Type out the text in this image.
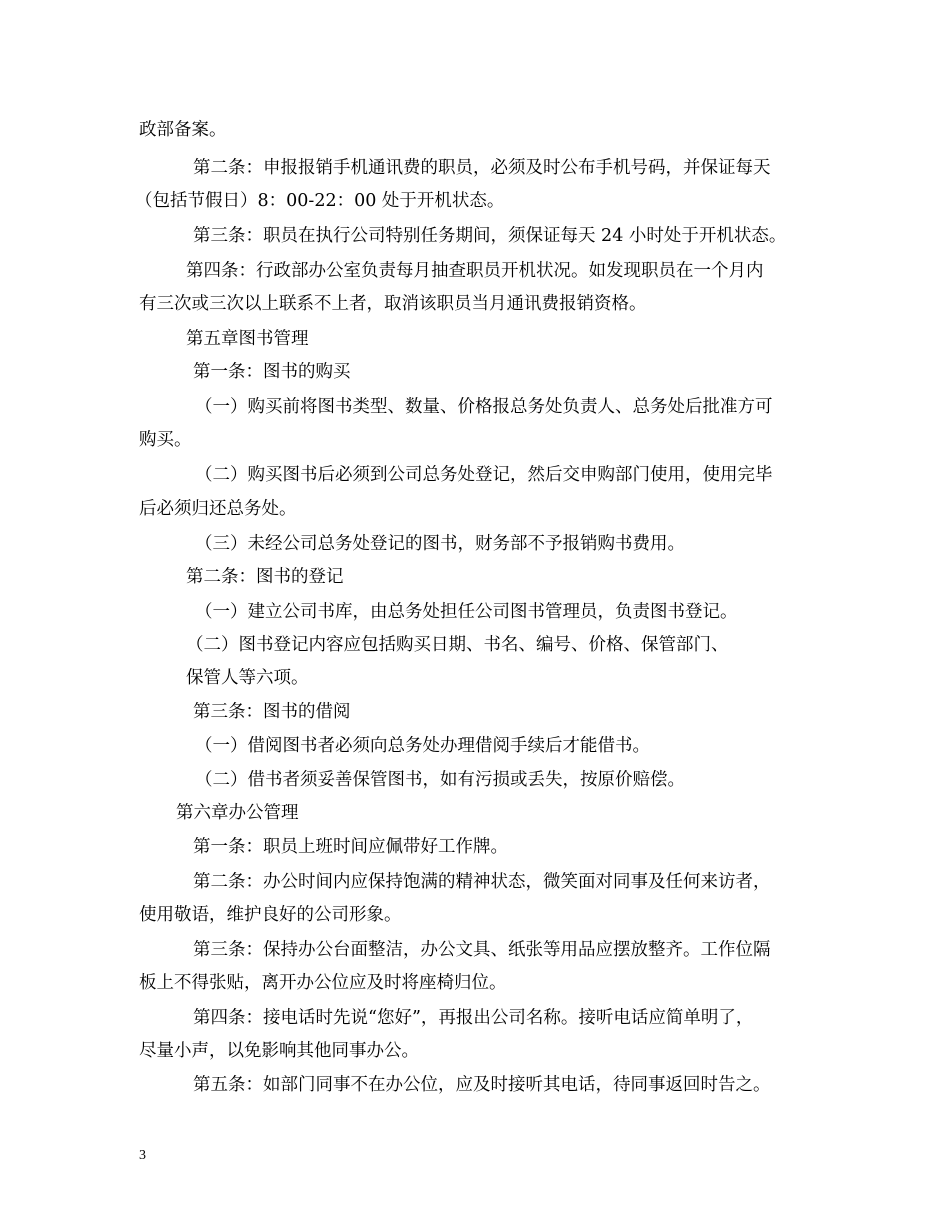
政部备案。
第二条：申报报销手机通讯费的职员，必须及时公布手机号码，并保证每天
（包括节假日）8：00-22：00 处于开机状态。
第三条：职员在执行公司特别任务期间，须保证每天 24 小时处于开机状态。
第四条：行政部办公室负责每月抽查职员开机状况。如发现职员在一个月内
有三次或三次以上联系不上者，取消该职员当月通讯费报销资格。
第五章图书管理
第一条：图书的购买
（一）购买前将图书类型、数量、价格报总务处负责人、总务处后批准方可
购买。
（二）购买图书后必须到公司总务处登记，然后交申购部门使用，使用完毕
后必须归还总务处。
（三）未经公司总务处登记的图书，财务部不予报销购书费用。
第二条：图书的登记
（一）建立公司书库，由总务处担任公司图书管理员，负责图书登记。
（二）图书登记内容应包括购买日期、书名、编号、价格、保管部门、
保管人等六项。
第三条：图书的借阅
（一）借阅图书者必须向总务处办理借阅手续后才能借书。
（二）借书者须妥善保管图书，如有污损或丢失，按原价赔偿。
第六章办公管理
第一条：职员上班时间应佩带好工作牌。
第二条：办公时间内应保持饱满的精神状态，微笑面对同事及任何来访者，
使用敬语，维护良好的公司形象。
第三条：保持办公台面整洁，办公文具、纸张等用品应摆放整齐。工作位隔
板上不得张贴，离开办公位应及时将座椅归位。
第四条：接电话时先说“您好”，再报出公司名称。接听电话应简单明了，
尽量小声，以免影响其他同事办公。
第五条：如部门同事不在办公位，应及时接听其电话，待同事返回时告之。
3
